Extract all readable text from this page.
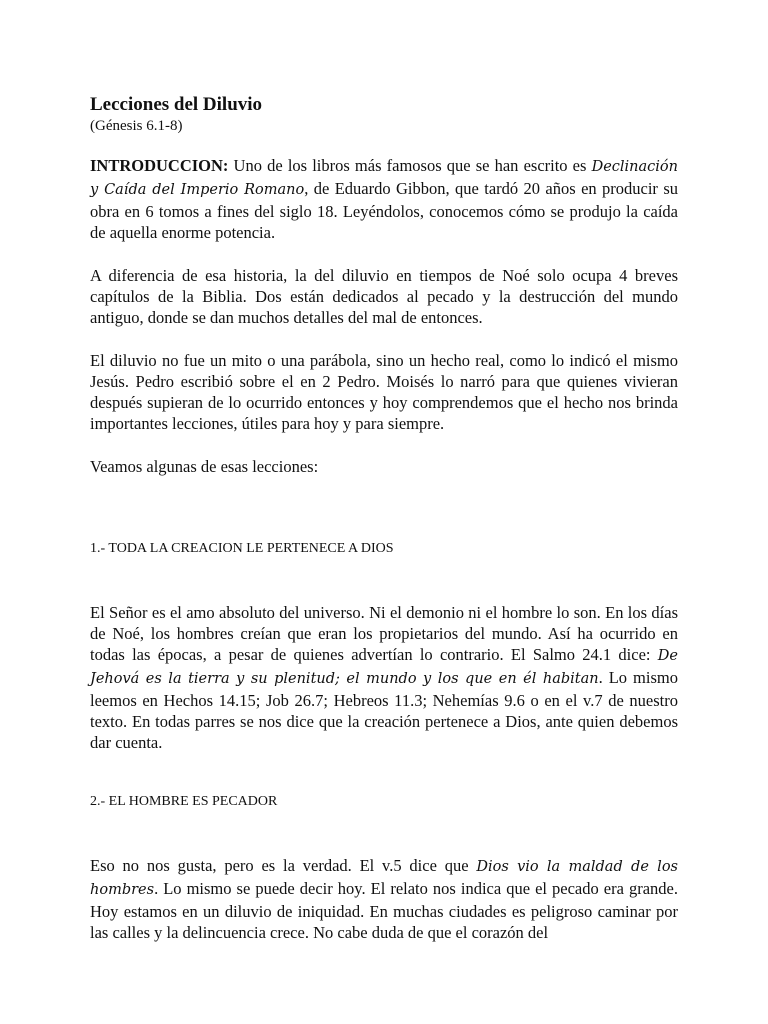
Lecciones del Diluvio
(Génesis 6.1-8)

INTRODUCCION: Uno de los libros más famosos que se han escrito es Declinación y Caída del Imperio Romano, de Eduardo Gibbon, que tardó 20 años en producir su obra en 6 tomos a fines del siglo 18. Leyéndolos, conocemos cómo se produjo la caída de aquella enorme potencia.

A diferencia de esa historia, la del diluvio en tiempos de Noé solo ocupa 4 breves capítulos de la Biblia. Dos están dedicados al pecado y la destrucción del mundo antiguo, donde se dan muchos detalles del mal de entonces.

El diluvio no fue un mito o una parábola, sino un hecho real, como lo indicó el mismo Jesús. Pedro escribió sobre el en 2 Pedro. Moisés lo narró para que quienes vivieran después supieran de lo ocurrido entonces y hoy comprendemos que el hecho nos brinda importantes lecciones, útiles para hoy y para siempre.

Veamos algunas de esas lecciones:

1.- TODA LA CREACION LE PERTENECE A DIOS

El Señor es el amo absoluto del universo. Ni el demonio ni el hombre lo son. En los días de Noé, los hombres creían que eran los propietarios del mundo. Así ha ocurrido en todas las épocas, a pesar de quienes advertían lo contrario. El Salmo 24.1 dice: De Jehová es la tierra y su plenitud; el mundo y los que en él habitan. Lo mismo leemos en Hechos 14.15; Job 26.7; Hebreos 11.3; Nehemías 9.6 o en el v.7 de nuestro texto. En todas parres se nos dice que la creación pertenece a Dios, ante quien debemos dar cuenta.

2.- EL HOMBRE ES PECADOR

Eso no nos gusta, pero es la verdad. El v.5 dice que Dios vio la maldad de los hombres. Lo mismo se puede decir hoy. El relato nos indica que el pecado era grande. Hoy estamos en un diluvio de iniquidad. En muchas ciudades es peligroso caminar por las calles y la delincuencia crece. No cabe duda de que el corazón del
